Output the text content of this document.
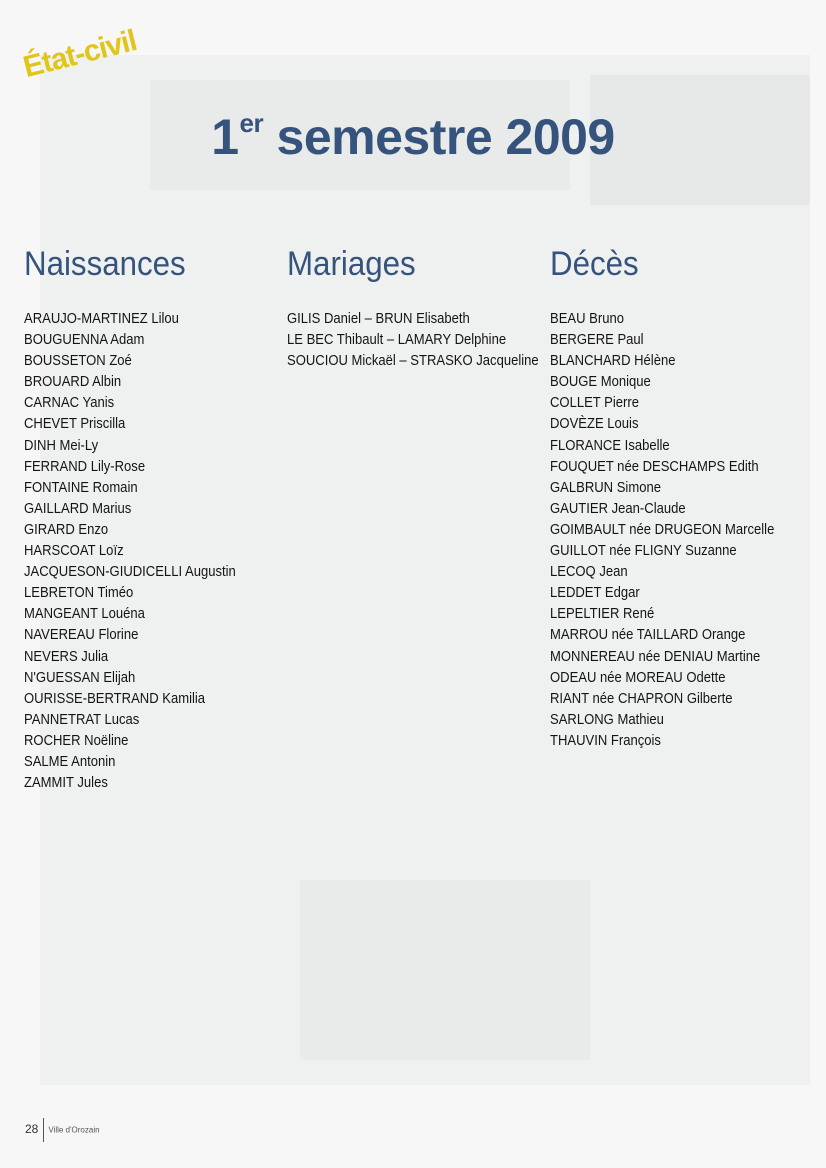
État-civil
1er semestre 2009
Naissances
ARAUJO-MARTINEZ Lilou
BOUGUENNA Adam
BOUSSETON Zoé
BROUARD Albin
CARNAC Yanis
CHEVET Priscilla
DINH Mei-Ly
FERRAND Lily-Rose
FONTAINE Romain
GAILLARD Marius
GIRARD Enzo
HARSCOAT Loïz
JACQUESON-GIUDICELLI Augustin
LEBRETON Timéo
MANGEANT Louéna
NAVEREAU Florine
NEVERS Julia
N'GUESSAN Elijah
OURISSE-BERTRAND Kamilia
PANNETRAT Lucas
ROCHER Noëline
SALME Antonin
ZAMMIT Jules
Mariages
GILIS Daniel – BRUN Elisabeth
LE BEC Thibault – LAMARY Delphine
SOUCIOU Mickaël – STRASKO Jacqueline
Décès
BEAU Bruno
BERGERE Paul
BLANCHARD Hélène
BOUGE Monique
COLLET Pierre
DOVÈZE Louis
FLORANCE Isabelle
FOUQUET née DESCHAMPS Edith
GALBRUN Simone
GAUTIER Jean-Claude
GOIMBAULT née DRUGEON Marcelle
GUILLOT née FLIGNY Suzanne
LECOQ Jean
LEDDET Edgar
LEPELTIER René
MARROU née TAILLARD Orange
MONNEREAU née DENIAU Martine
ODEAU née MOREAU Odette
RIANT née CHAPRON Gilberte
SARLONG Mathieu
THAUVIN François
28 Ville d'Orozain
